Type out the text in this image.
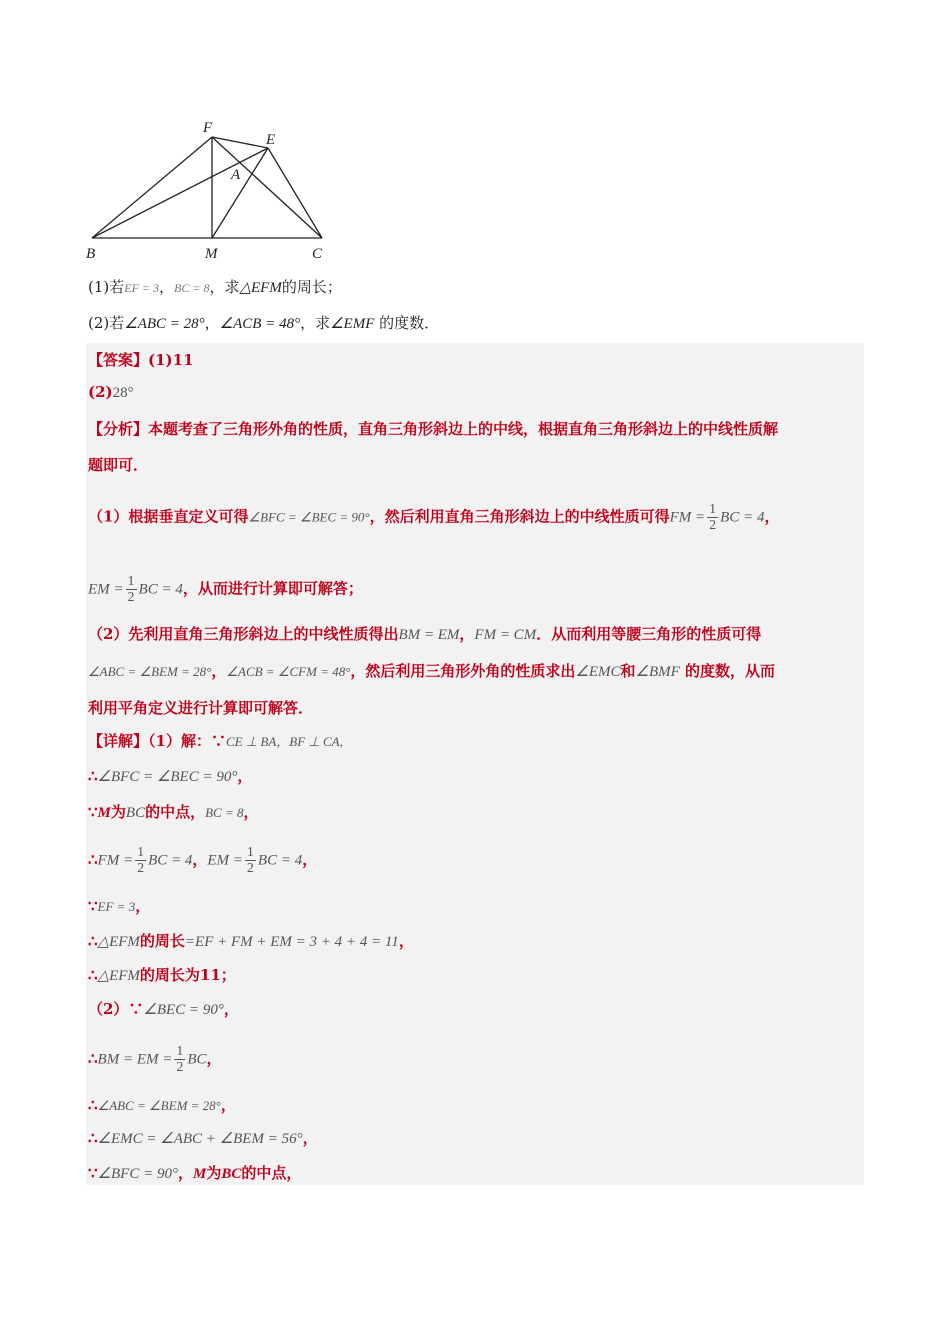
F
E
A
B	M	C
(1)若EF = 3，BC = 8，求△EFM的周长；
(2)若∠ABC = 28°，∠ACB = 48°，求∠EMF 的度数．
【答案】(1)11
(2)28°
【分析】本题考查了三角形外角的性质，直角三角形斜边上的中线，根据直角三角形斜边上的中线性质解
题即可．
（1）根据垂直定义可得∠BFC = ∠BEC = 90°，然后利用直角三角形斜边上的中线性质可得FM = $\frac{1}{2}$ BC = 4，
EM = $\frac{1}{2}$ BC = 4，从而进行计算即可解答；
（2）先利用直角三角形斜边上的中线性质得出BM = EM，FM = CM．从而利用等腰三角形的性质可得
∠ABC = ∠BEM = 28°，∠ACB = ∠CFM = 48°，然后利用三角形外角的性质求出∠EMC和∠BMF 的度数，从而
利用平角定义进行计算即可解答．
【详解】（1）解：∵CE ⊥ BA，BF ⊥ CA,
∴∠BFC = ∠BEC = 90°，
∵M为BC的中点，BC = 8，
∴FM = $\frac{1}{2}$ BC = 4，EM = $\frac{1}{2}$ BC = 4，
∵EF = 3，
∴△EFM的周长=EF + FM + EM = 3 + 4 + 4 = 11，
∴△EFM的周长为11；
（2）∵∠BEC = 90°，
∴BM = EM = $\frac{1}{2}$ BC，
∴∠ABC = ∠BEM = 28°，
∴∠EMC = ∠ABC + ∠BEM = 56°，
∵∠BFC = 90°，M为BC的中点，
